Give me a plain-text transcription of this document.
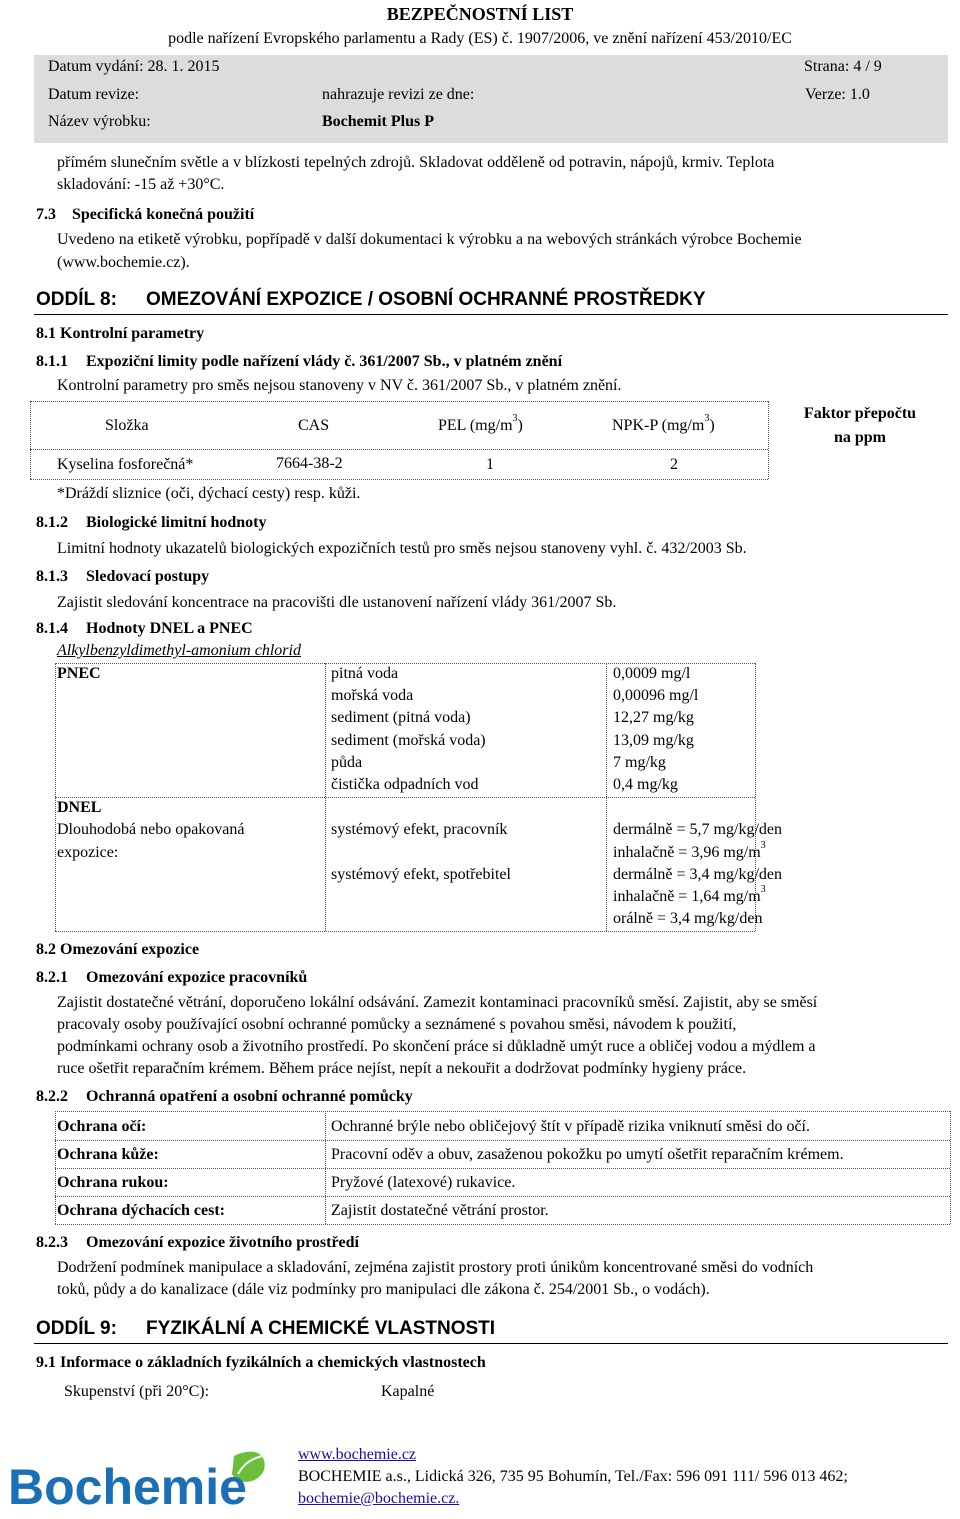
BEZPEČNOSTNÍ LIST
podle nařízení Evropského parlamentu a Rady (ES) č. 1907/2006, ve znění nařízení 453/2010/EC
Datum vydání: 28. 1. 2015	Strana: 4 / 9
Datum revize:	nahrazuje revizi ze dne:	Verze: 1.0
Název výrobku:	Bochemit Plus P
přímém slunečním světle a v blízkosti tepelných zdrojů. Skladovat odděleně od potravin, nápojů, krmiv. Teplota
skladování: -15 až +30°C.
7.3 Specifická konečná použití
Uvedeno na etiketě výrobku, popřípadě v další dokumentaci k výrobku a na webových stránkách výrobce Bochemie
(www.bochemie.cz).
ODDÍL 8: OMEZOVÁNÍ EXPOZICE / OSOBNÍ OCHRANNÉ PROSTŘEDKY
8.1 Kontrolní parametry
8.1.1 Expoziční limity podle nařízení vlády č. 361/2007 Sb., v platném znění
Kontrolní parametry pro směs nejsou stanoveny v NV č. 361/2007 Sb., v platném znění.
Složka	CAS	PEL $(mg/m^3)$	NPK-P $(mg/m^3)$
Faktor přepočtu
na ppm
Kyselina fosforečná*	7664-38-2	1	2
*Dráždí sliznice (oči, dýchací cesty) resp. kůži.
8.1.2 Biologické limitní hodnoty
Limitní hodnoty ukazatelů biologických expozičních testů pro směs nejsou stanoveny vyhl. č. 432/2003 Sb.
8.1.3 Sledovací postupy
Zajistit sledování koncentrace na pracovišti dle ustanovení nařízení vlády 361/2007 Sb.
8.1.4 Hodnoty DNEL a PNEC
Alkylbenzyldimethyl-amonium chlorid
PNEC	pitná voda	0,0009 mg/l
mořská voda	0,00096 mg/l
sediment (pitná voda)	12,27 mg/kg
sediment (mořská voda)	13,09 mg/kg
půda	7 mg/kg
čistička odpadních vod	0,4 mg/kg
DNEL
Dlouhodobá nebo opakovaná
expozice:
systémový efekt, pracovník	dermálně = 5,7 mg/kg/den
inhalačně = 3,96 $mg/m^3$
systémový efekt, spotřebitel	dermálně = 3,4 mg/kg/den
inhalačně = 1,64 $mg/m^3$
orálně = 3,4 mg/kg/den
8.2 Omezování expozice
8.2.1 Omezování expozice pracovníků
Zajistit dostatečné větrání, doporučeno lokální odsávání. Zamezit kontaminaci pracovníků směsí. Zajistit, aby se směsí
pracovaly osoby používající osobní ochranné pomůcky a seznámené s povahou směsi, návodem k použití,
podmínkami ochrany osob a životního prostředí. Po skončení práce si důkladně umýt ruce a obličej vodou a mýdlem a
ruce ošetřit reparačním krémem. Během práce nejíst, nepít a nekouřit a dodržovat podmínky hygieny práce.
8.2.2 Ochranná opatření a osobní ochranné pomůcky
Ochrana očí:	Ochranné brýle nebo obličejový štít v případě rizika vniknutí směsi do očí.
Ochrana kůže:	Pracovní oděv a obuv, zasaženou pokožku po umytí ošetřit reparačním krémem.
Ochrana rukou:	Pryžové (latexové) rukavice.
Ochrana dýchacích cest:	Zajistit dostatečné větrání prostor.
8.2.3 Omezování expozice životního prostředí
Dodržení podmínek manipulace a skladování, zejména zajistit prostory proti únikům koncentrované směsi do vodních
toků, půdy a do kanalizace (dále viz podmínky pro manipulaci dle zákona č. 254/2001 Sb., o vodách).
ODDÍL 9: FYZIKÁLNÍ A CHEMICKÉ VLASTNOSTI
9.1 Informace o základních fyzikálních a chemických vlastnostech
Skupenství (při 20°C):	Kapalné
Bochemie
www.bochemie.cz
BOCHEMIE a.s., Lidická 326, 735 95 Bohumín, Tel./Fax: 596 091 111/ 596 013 462;
bochemie@bochemie.cz.
